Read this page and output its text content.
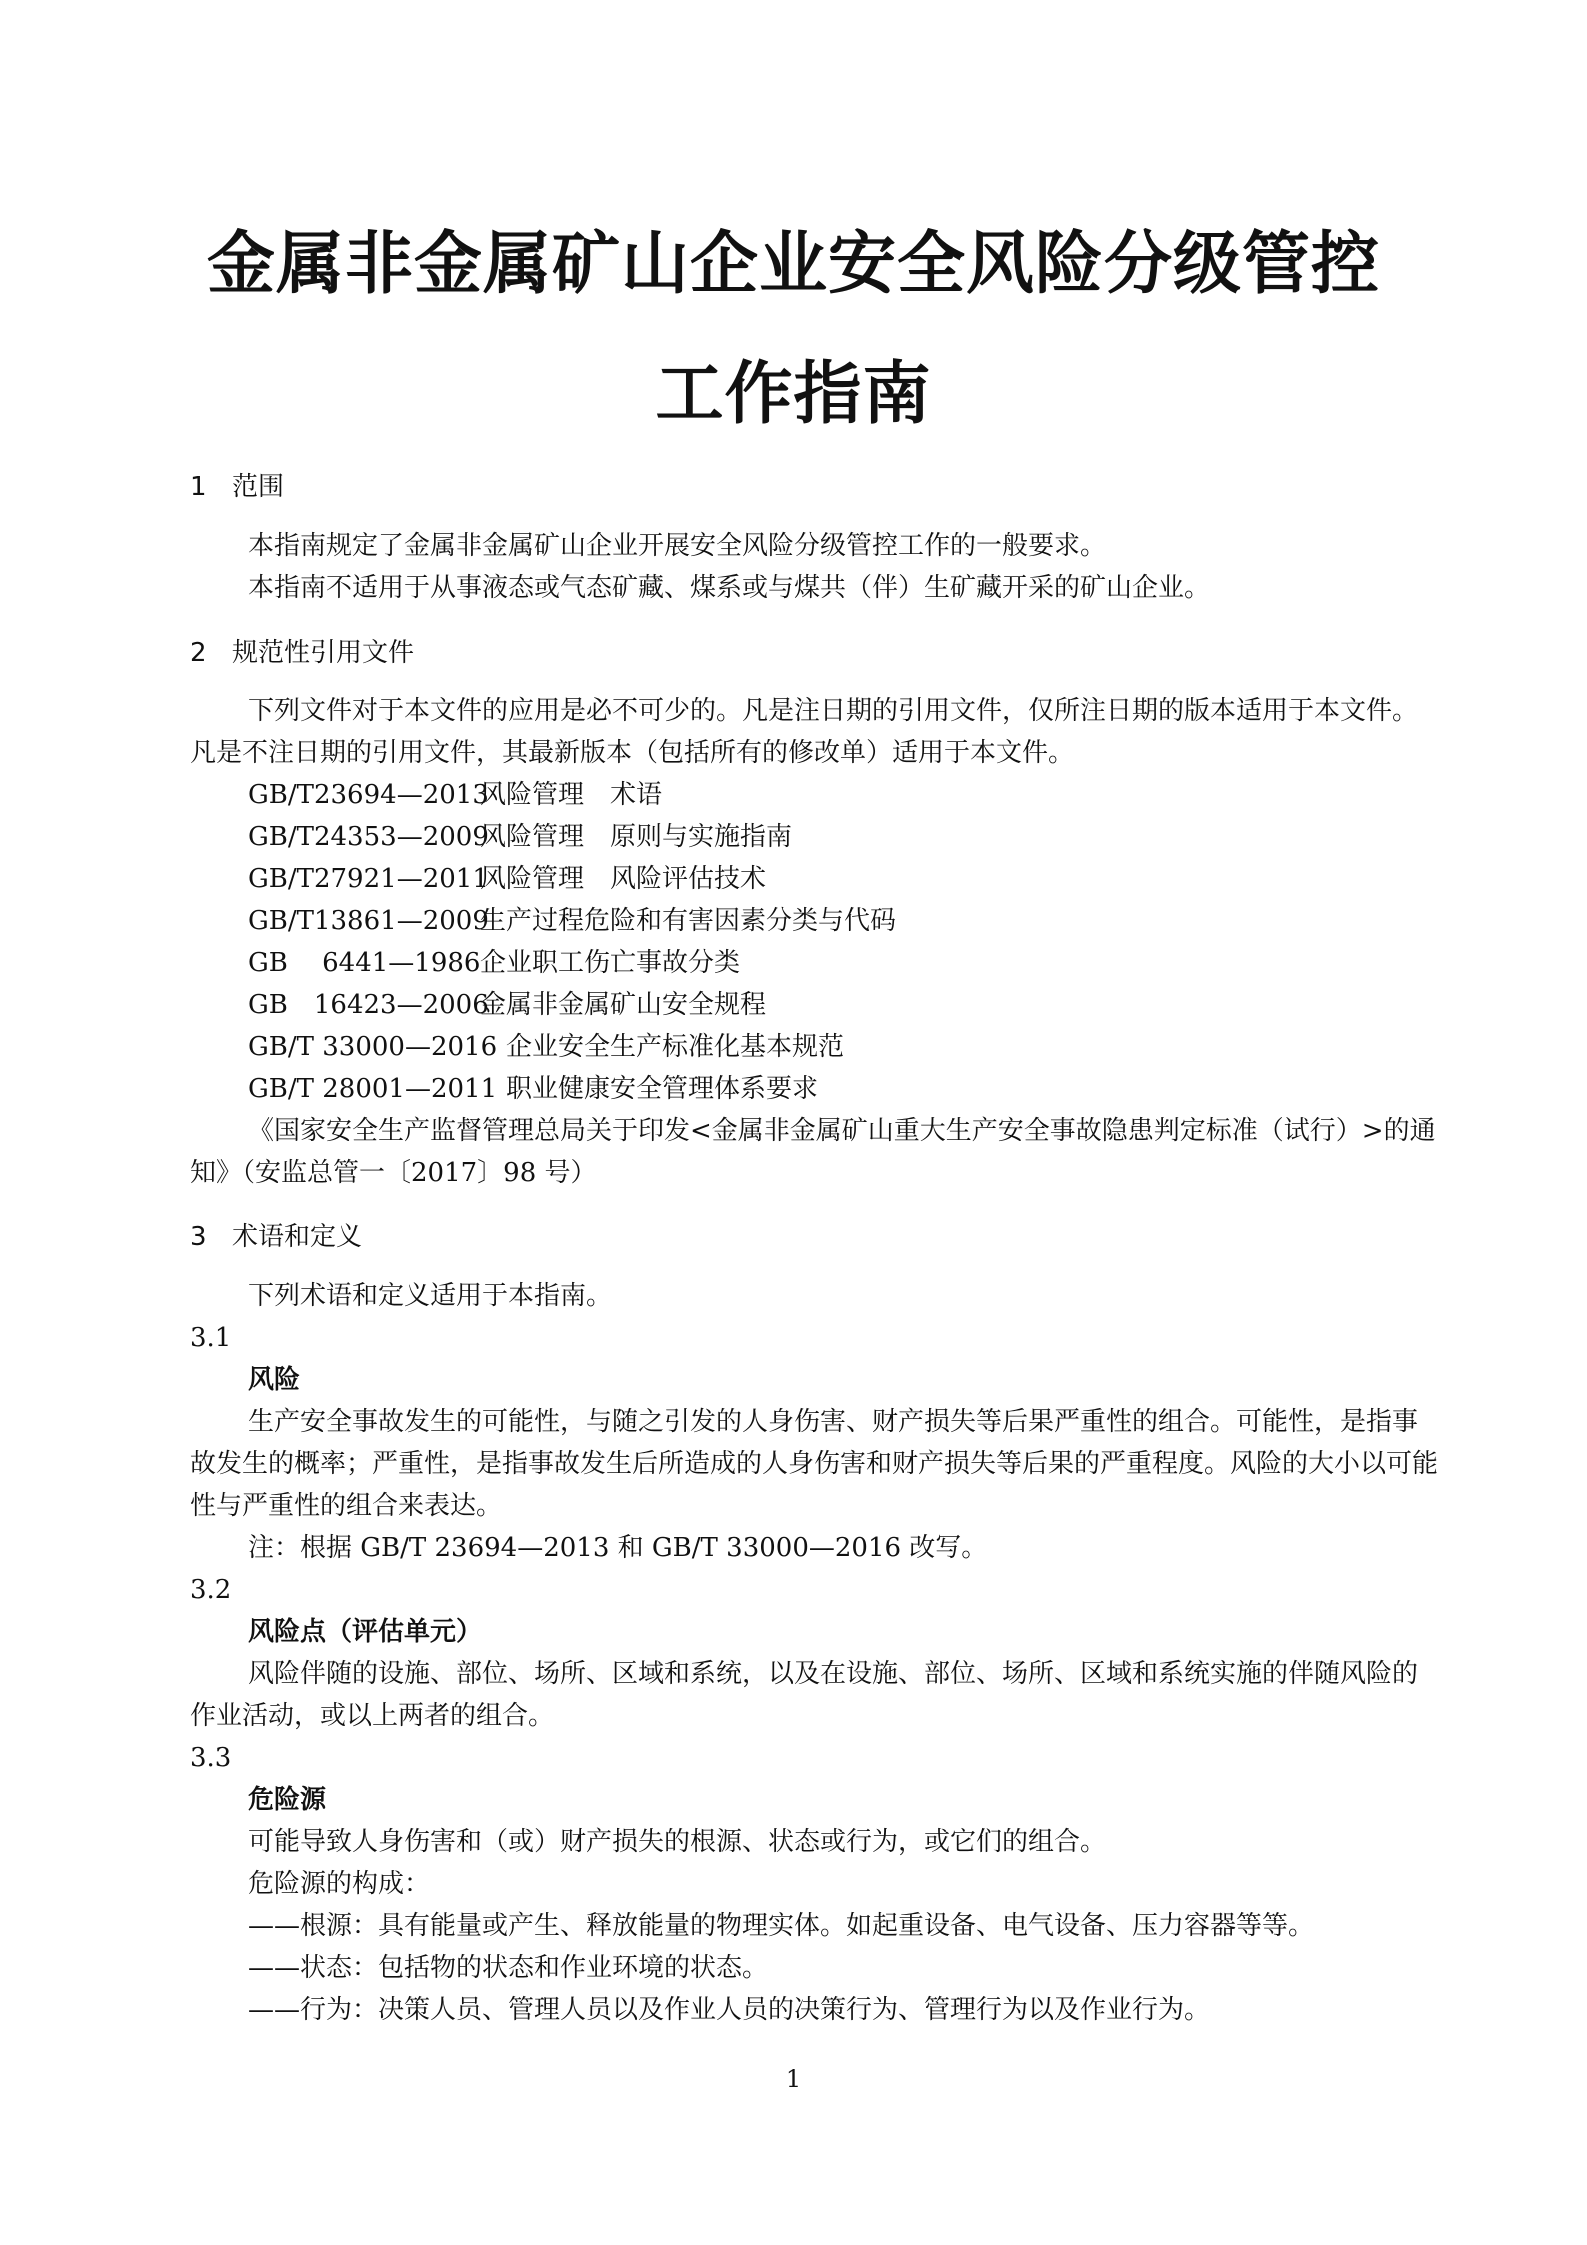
金属非金属矿山企业安全风险分级管控
工作指南
1 范围
本指南规定了金属非金属矿山企业开展安全风险分级管控工作的一般要求。
本指南不适用于从事液态或气态矿藏、煤系或与煤共（伴）生矿藏开采的矿山企业。
2 规范性引用文件
下列文件对于本文件的应用是必不可少的。凡是注日期的引用文件，仅所注日期的版本适用于本文件。凡是不注日期的引用文件，其最新版本（包括所有的修改单）适用于本文件。
GB/T23694—2013风险管理　术语
GB/T24353—2009风险管理　原则与实施指南
GB/T27921—2011风险管理　风险评估技术
GB/T13861—2009生产过程危险和有害因素分类与代码
GB　 6441—1986企业职工伤亡事故分类
GB　16423—2006金属非金属矿山安全规程
GB/T 33000—2016 企业安全生产标准化基本规范
GB/T 28001—2011 职业健康安全管理体系要求
《国家安全生产监督管理总局关于印发<金属非金属矿山重大生产安全事故隐患判定标准（试行）>的通知》（安监总管一〔2017〕98 号）
3 术语和定义
下列术语和定义适用于本指南。
3.1
风险
生产安全事故发生的可能性，与随之引发的人身伤害、财产损失等后果严重性的组合。可能性，是指事故发生的概率；严重性，是指事故发生后所造成的人身伤害和财产损失等后果的严重程度。风险的大小以可能性与严重性的组合来表达。
注：根据 GB/T 23694—2013 和 GB/T 33000—2016 改写。
3.2
风险点（评估单元）
风险伴随的设施、部位、场所、区域和系统，以及在设施、部位、场所、区域和系统实施的伴随风险的作业活动，或以上两者的组合。
3.3
危险源
可能导致人身伤害和（或）财产损失的根源、状态或行为，或它们的组合。
危险源的构成：
——根源：具有能量或产生、释放能量的物理实体。如起重设备、电气设备、压力容器等等。
——状态：包括物的状态和作业环境的状态。
——行为：决策人员、管理人员以及作业人员的决策行为、管理行为以及作业行为。
1
